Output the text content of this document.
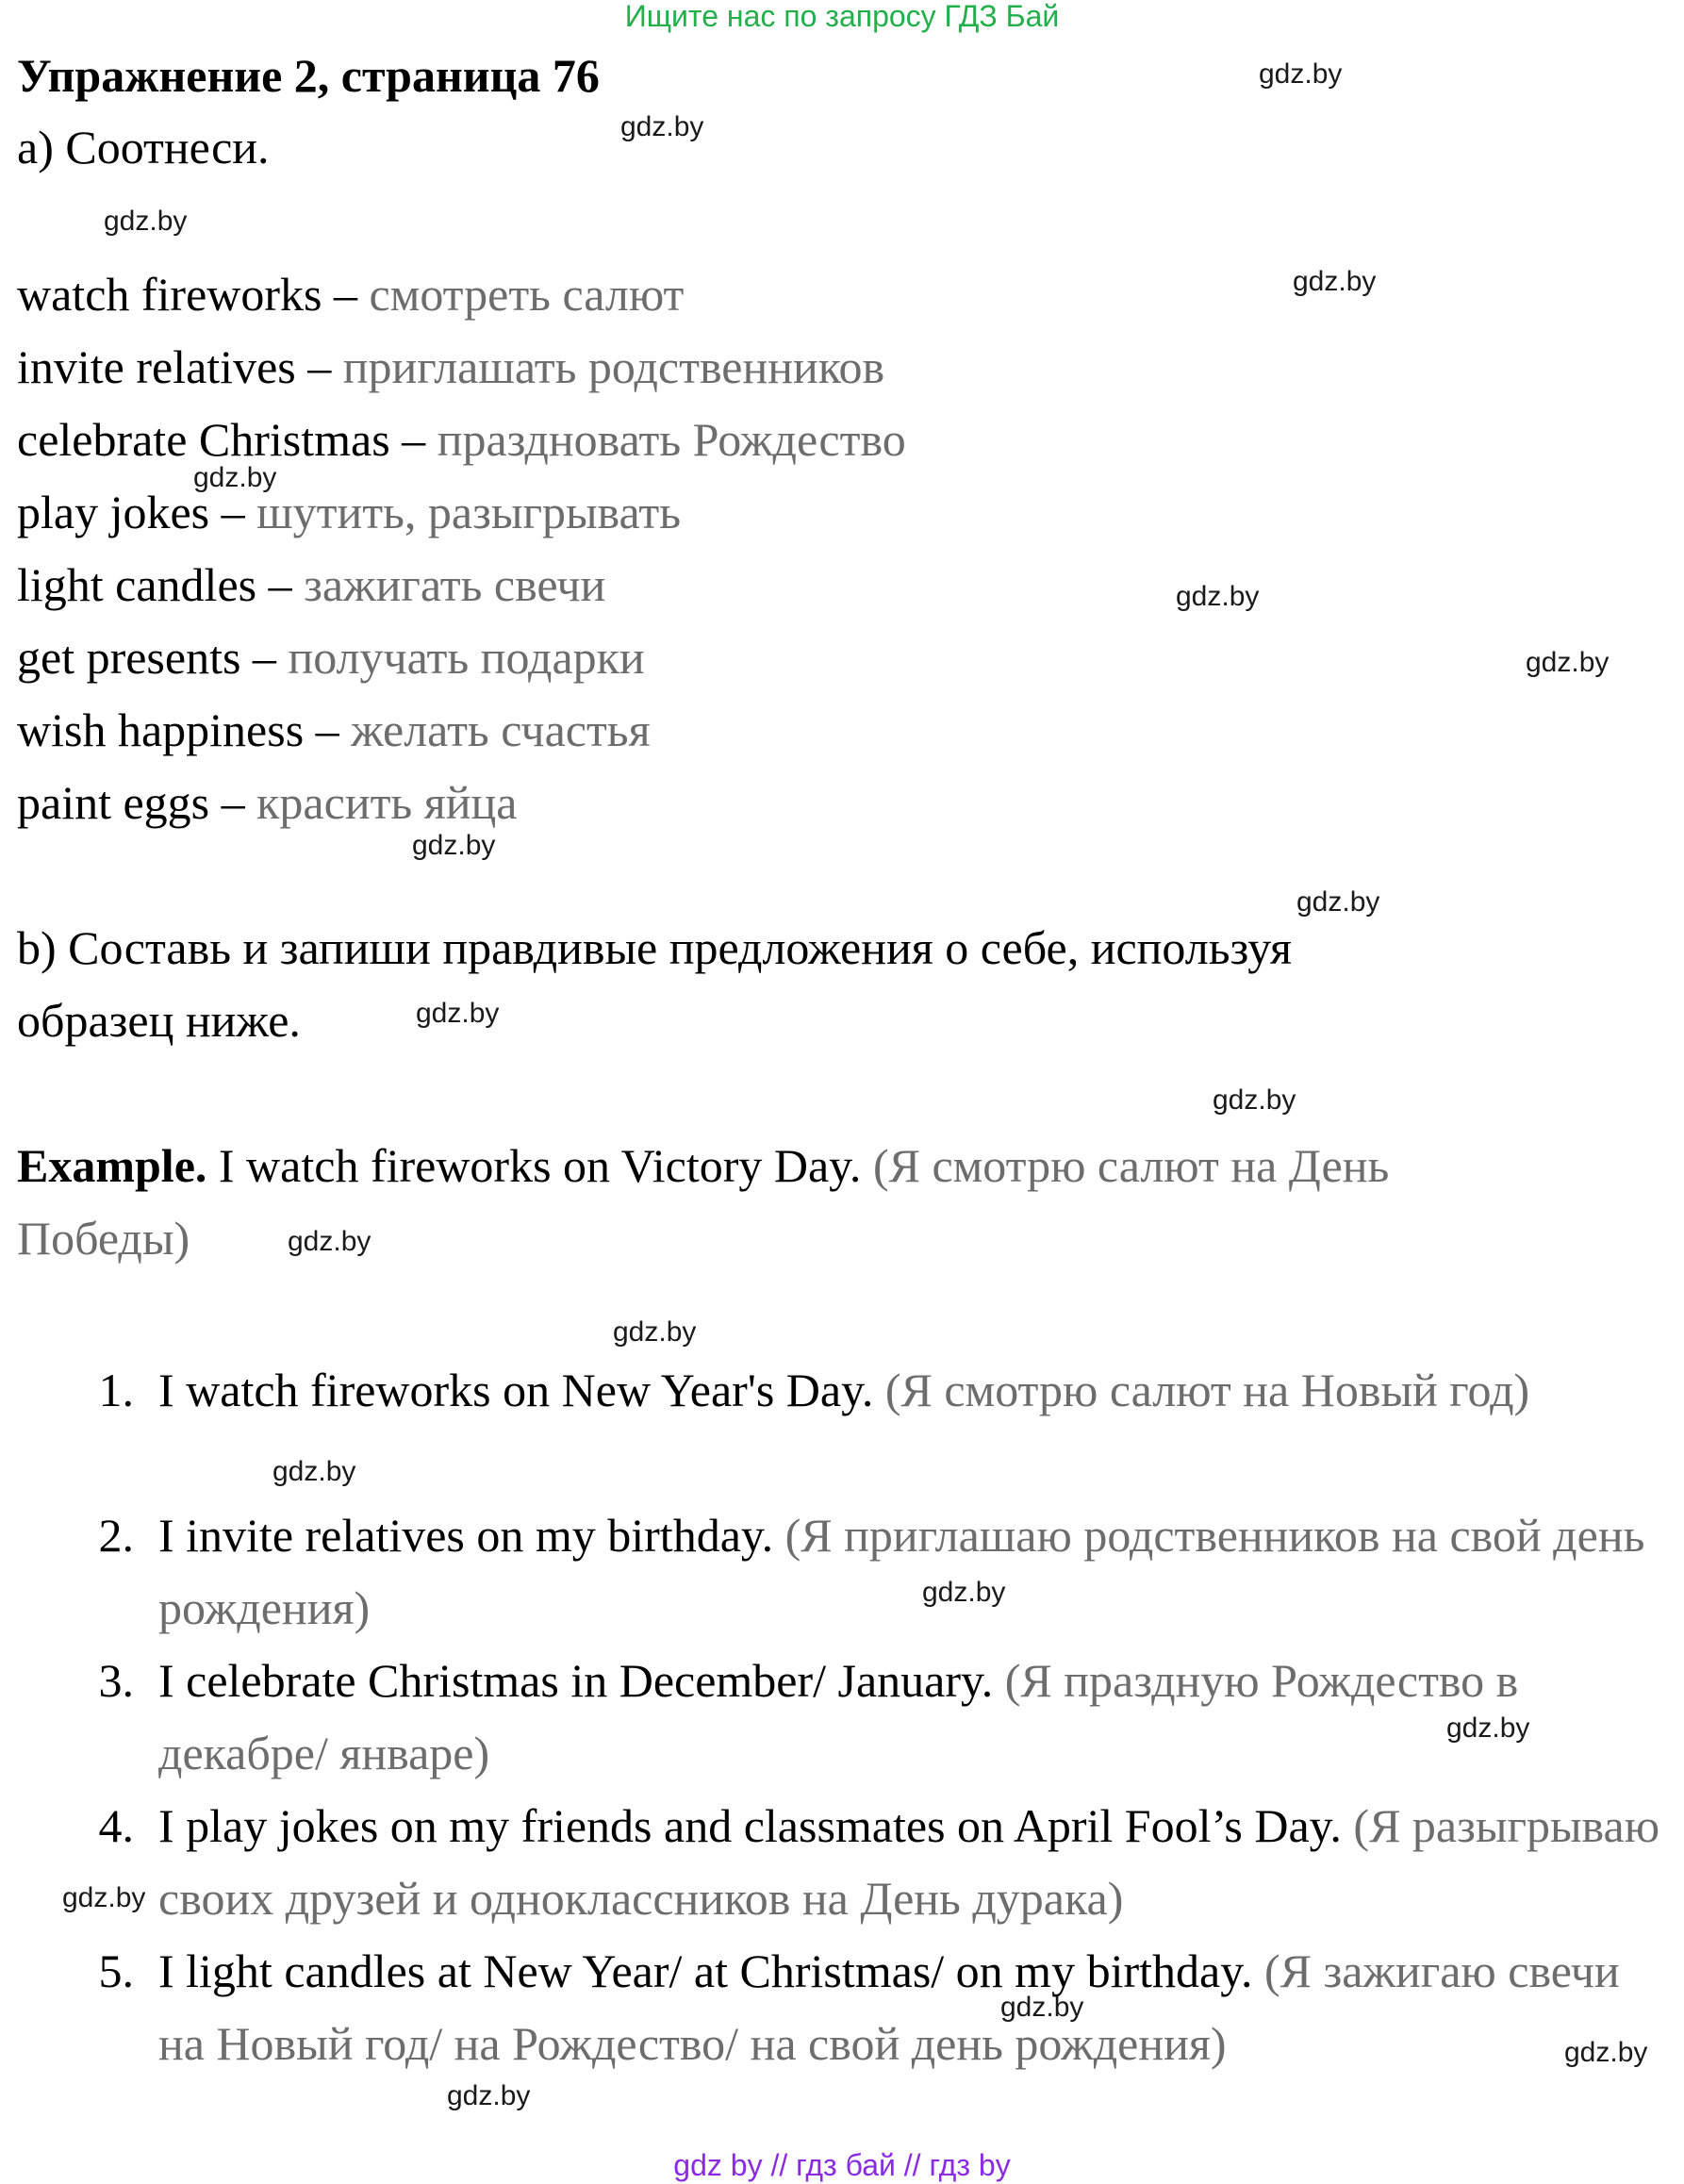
Ищите нас по запросу ГДЗ Бай
Упражнение 2, страница 76
a) Соотнеси.
watch fireworks – смотреть салют
invite relatives – приглашать родственников
celebrate Christmas – праздновать Рождество
play jokes – шутить, разыгрывать
light candles – зажигать свечи
get presents – получать подарки
wish happiness – желать счастья
paint eggs – красить яйца
b) Составь и запиши правдивые предложения о себе, используя
образец ниже.
Example. I watch fireworks on Victory Day. (Я смотрю салют на День
Победы)
1. I watch fireworks on New Year's Day. (Я смотрю салют на Новый год)
2. I invite relatives on my birthday. (Я приглашаю родственников на свой день рождения)
3. I celebrate Christmas in December/ January. (Я праздную Рождество в декабре/ январе)
4. I play jokes on my friends and classmates on April Fool’s Day. (Я разыгрываю своих друзей и одноклассников на День дурака)
5. I light candles at New Year/ at Christmas/ on my birthday. (Я зажигаю свечи на Новый год/ на Рождество/ на свой день рождения)
gdz.by
gdz.by
gdz.by
gdz.by
gdz.by
gdz.by
gdz.by
gdz.by
gdz.by
gdz.by
gdz.by
gdz.by
gdz.by
gdz.by
gdz.by
gdz.by
gdz.by
gdz.by
gdz.by
gdz.by
gdz by // гдз бай // гдз by
